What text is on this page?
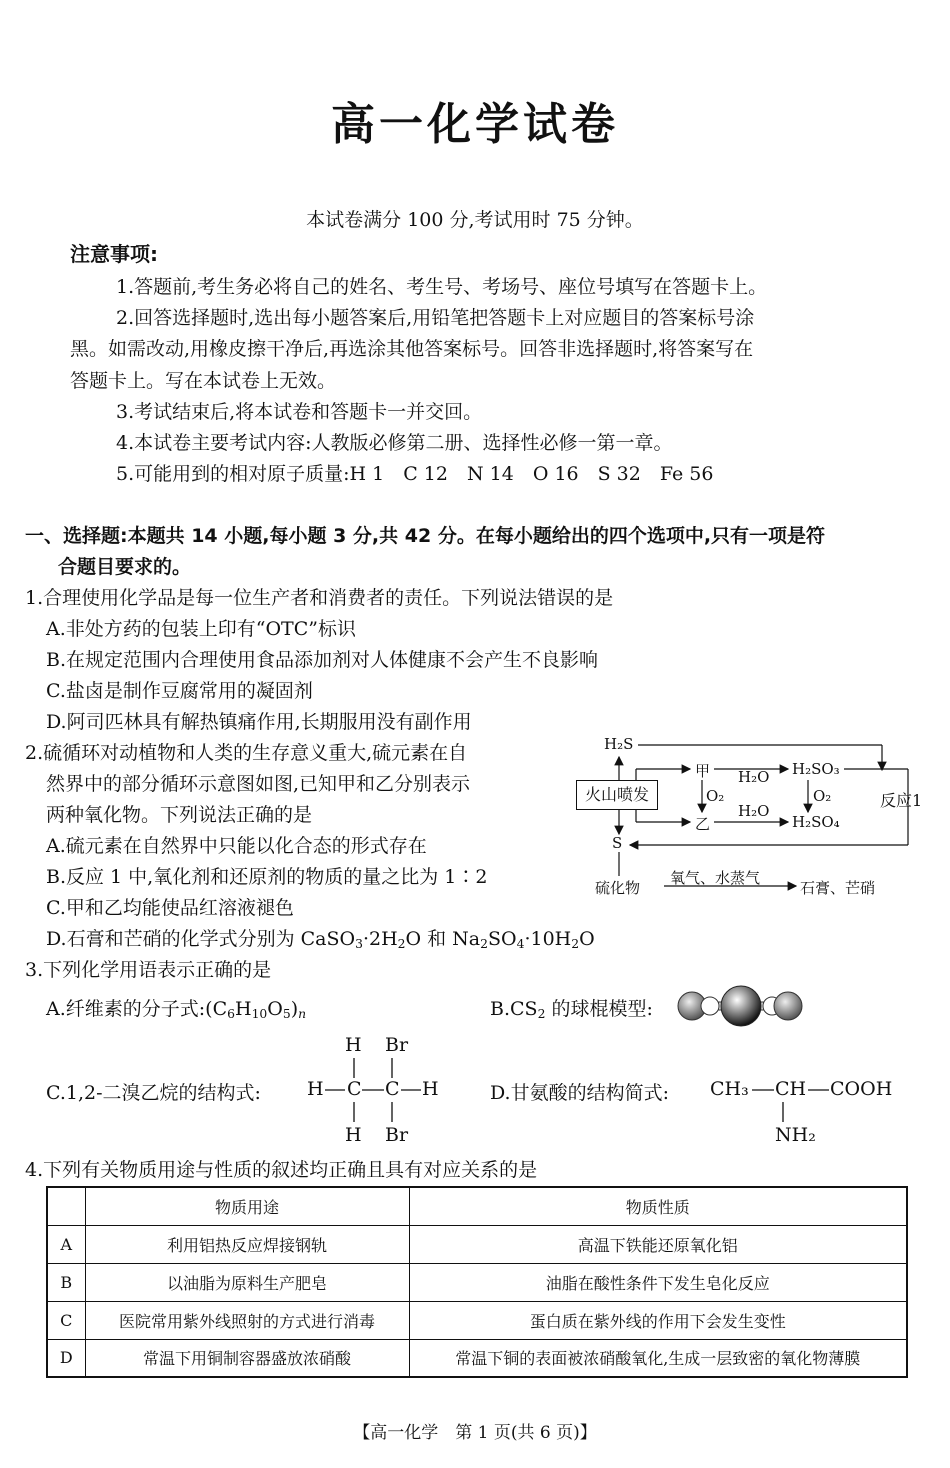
高一化学试卷
本试卷满分 100 分,考试用时 75 分钟。
注意事项:
1.答题前,考生务必将自己的姓名、考生号、考场号、座位号填写在答题卡上。
2.回答选择题时,选出每小题答案后,用铅笔把答题卡上对应题目的答案标号涂
黑。如需改动,用橡皮擦干净后,再选涂其他答案标号。回答非选择题时,将答案写在
答题卡上。写在本试卷上无效。
3.考试结束后,将本试卷和答题卡一并交回。
4.本试卷主要考试内容:人教版必修第二册、选择性必修一第一章。
5.可能用到的相对原子质量:H 1　C 12　N 14　O 16　S 32　Fe 56
一、选择题:本题共 14 小题,每小题 3 分,共 42 分。在每小题给出的四个选项中,只有一项是符
合题目要求的。
1.合理使用化学品是每一位生产者和消费者的责任。下列说法错误的是
A.非处方药的包装上印有“OTC”标识
B.在规定范围内合理使用食品添加剂对人体健康不会产生不良影响
C.盐卤是制作豆腐常用的凝固剂
D.阿司匹林具有解热镇痛作用,长期服用没有副作用
2.硫循环对动植物和人类的生存意义重大,硫元素在自
然界中的部分循环示意图如图,已知甲和乙分别表示
两种氧化物。下列说法正确的是
A.硫元素在自然界中只能以化合态的形式存在
B.反应 1 中,氧化剂和还原剂的物质的量之比为 1∶2
C.甲和乙均能使品红溶液褪色
D.石膏和芒硝的化学式分别为 $CaSO_3\cdot 2H_2O$ 和 $Na_2SO_4\cdot 10H_2O$
火山喷发
H₂S
甲
乙
H₂O
H₂O
H₂SO₃
H₂SO₄
O₂	O₂	反应1
S
硫化物
氧气、水蒸气
石膏、芒硝
3.下列化学用语表示正确的是
A.纤维素的分子式$:(C_6H_{10}O_5)_n$	$B.CS_2$ 的球棍模型:
C.1,2-二溴乙烷的结构式:
H Br
H C C H
H Br
D.甘氨酸的结构简式: CH₃ CH COOH
NH₂
4.下列有关物质用途与性质的叙述均正确且具有对应关系的是
	物质用途	物质性质
A	利用铝热反应焊接钢轨	高温下铁能还原氧化铝
B	以油脂为原料生产肥皂	油脂在酸性条件下发生皂化反应
C	医院常用紫外线照射的方式进行消毒	蛋白质在紫外线的作用下会发生变性
D	常温下用铜制容器盛放浓硝酸	常温下铜的表面被浓硝酸氧化,生成一层致密的氧化物薄膜
【高一化学　第 1 页(共 6 页)】
